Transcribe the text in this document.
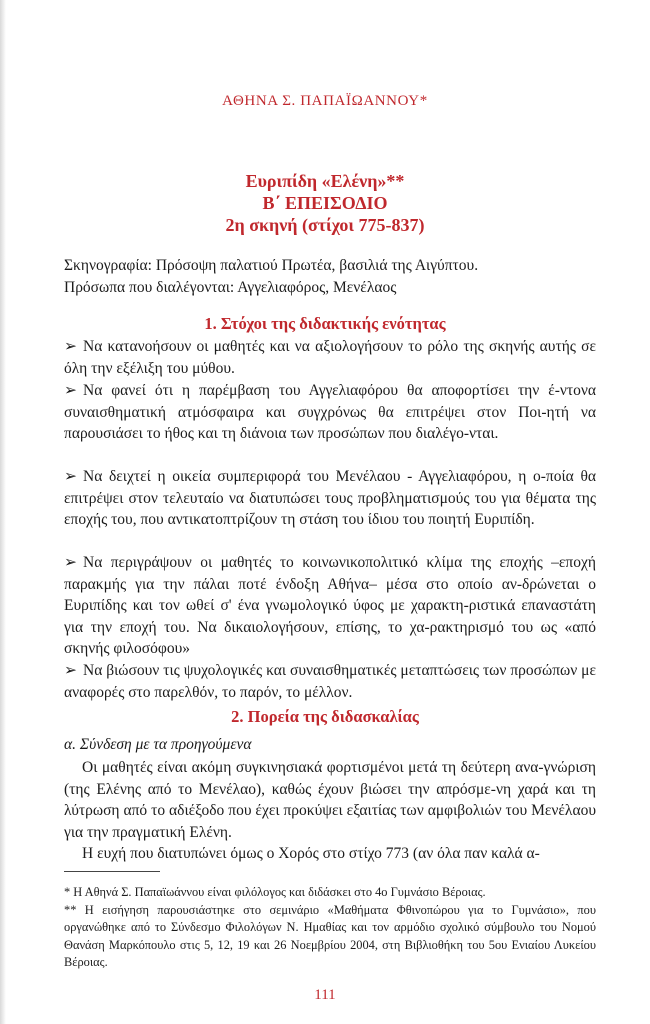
ΑΘΗΝΑ Σ. ΠΑΠΑΪΩΑΝΝΟΥ*
Ευριπίδη «Ελένη»**
Β΄ ΕΠΕΙΣΟΔΙΟ
2η σκηνή (στίχοι 775-837)
Σκηνογραφία: Πρόσοψη παλατιού Πρωτέα, βασιλιά της Αιγύπτου.
Πρόσωπα που διαλέγονται: Αγγελιαφόρος, Μενέλαος
1. Στόχοι της διδακτικής ενότητας
➢ Να κατανοήσουν οι μαθητές και να αξιολογήσουν το ρόλο της σκηνής αυτής σε όλη την εξέλιξη του μύθου.
➢ Να φανεί ότι η παρέμβαση του Αγγελιαφόρου θα αποφορτίσει την έ-ντονα συναισθηματική ατμόσφαιρα και συγχρόνως θα επιτρέψει στον Ποι-ητή να παρουσιάσει το ήθος και τη διάνοια των προσώπων που διαλέγο-νται.
➢ Να δειχτεί η οικεία συμπεριφορά του Μενέλαου - Αγγελιαφόρου, η ο-ποία θα επιτρέψει στον τελευταίο να διατυπώσει τους προβληματισμούς του για θέματα της εποχής του, που αντικατοπτρίζουν τη στάση του ίδιου του ποιητή Ευριπίδη.
➢ Να περιγράψουν οι μαθητές το κοινωνικοπολιτικό κλίμα της εποχής –εποχή παρακμής για την πάλαι ποτέ ένδοξη Αθήνα– μέσα στο οποίο αν-δρώνεται ο Ευριπίδης και τον ωθεί σ' ένα γνωμολογικό ύφος με χαρακτη-ριστικά επαναστάτη για την εποχή του. Να δικαιολογήσουν, επίσης, το χα-ρακτηρισμό του ως «από σκηνής φιλοσόφου»
➢ Να βιώσουν τις ψυχολογικές και συναισθηματικές μεταπτώσεις των προσώπων με αναφορές στο παρελθόν, το παρόν, το μέλλον.
2. Πορεία της διδασκαλίας
α. Σύνδεση με τα προηγούμενα
Οι μαθητές είναι ακόμη συγκινησιακά φορτισμένοι μετά τη δεύτερη ανα-γνώριση (της Ελένης από το Μενέλαο), καθώς έχουν βιώσει την απρόσμε-νη χαρά και τη λύτρωση από το αδιέξοδο που έχει προκύψει εξαιτίας των αμφιβολιών του Μενέλαου για την πραγματική Ελένη.
Η ευχή που διατυπώνει όμως ο Χορός στο στίχο 773 (αν όλα παν καλά α-
* Η Αθηνά Σ. Παπαϊωάννου είναι φιλόλογος και διδάσκει στο 4ο Γυμνάσιο Βέροιας.
** Η εισήγηση παρουσιάστηκε στο σεμινάριο «Μαθήματα Φθινοπώρου για το Γυμνάσιο», που οργανώθηκε από το Σύνδεσμο Φιλολόγων Ν. Ημαθίας και τον αρμόδιο σχολικό σύμβουλο του Νομού Θανάση Μαρκόπουλο στις 5, 12, 19 και 26 Νοεμβρίου 2004, στη Βιβλιοθήκη του 5ου Ενιαίου Λυκείου Βέροιας.
111
